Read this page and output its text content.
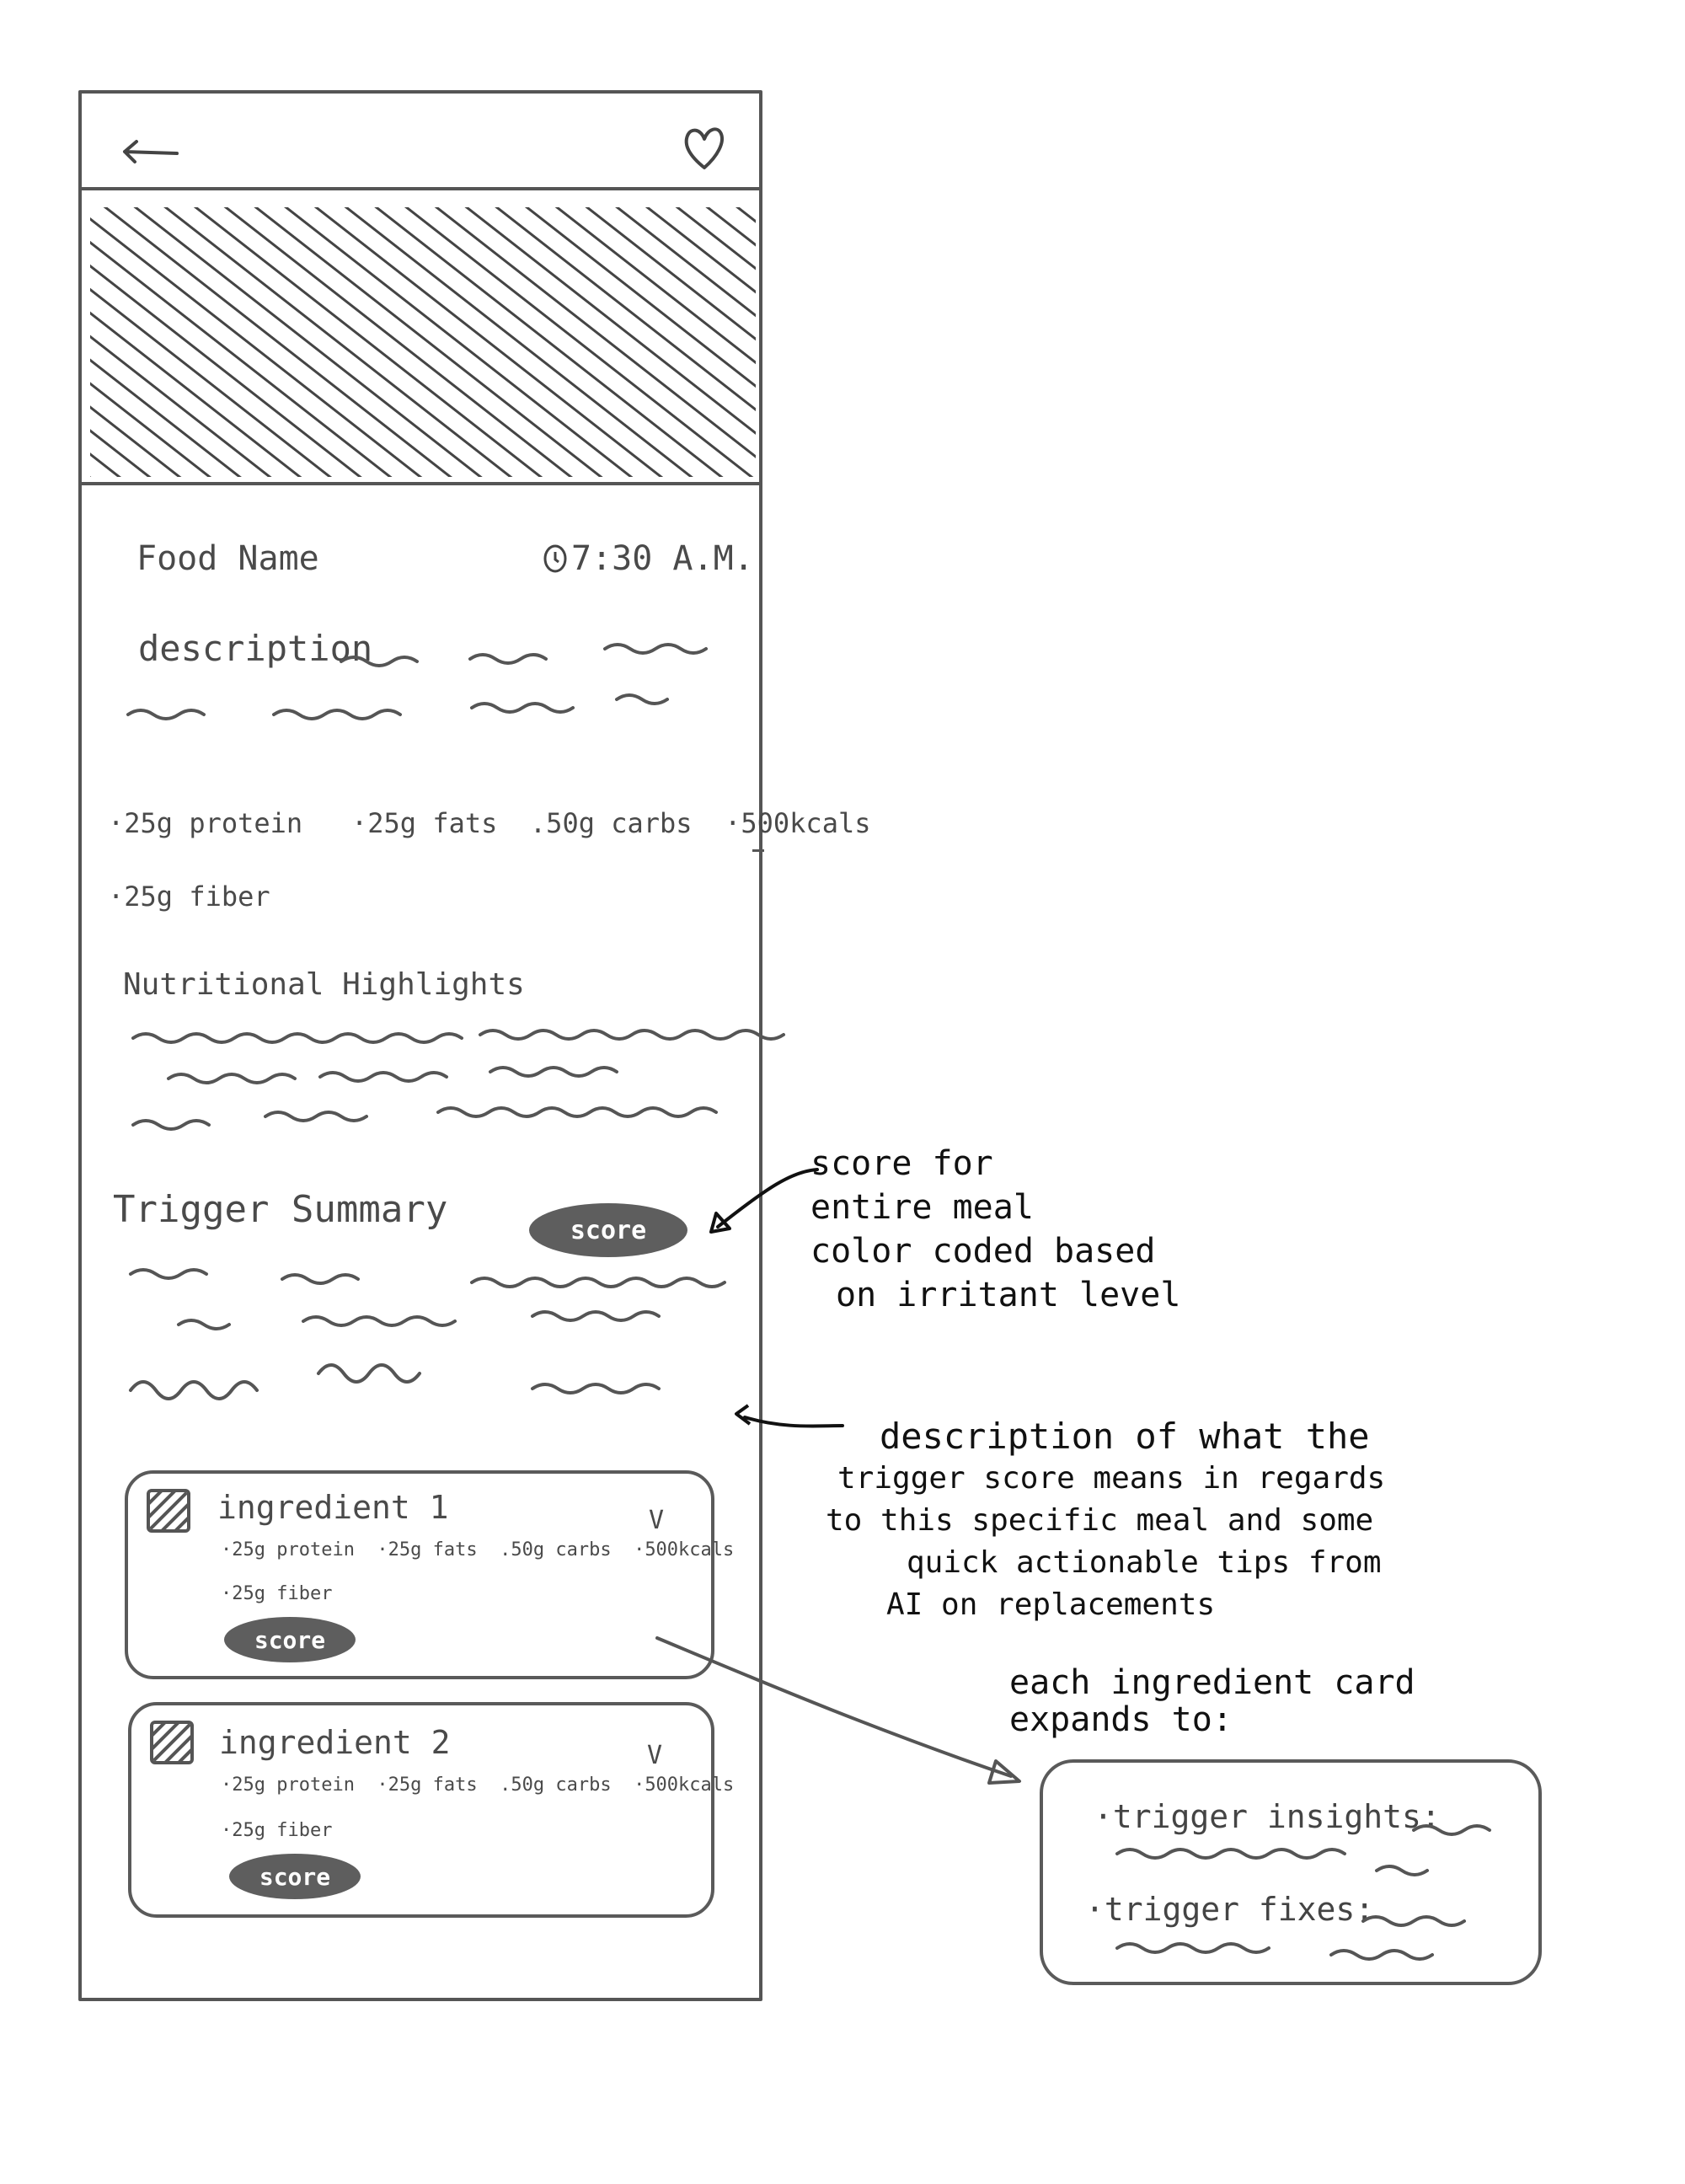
Food Name	7:30 A.M.
description
·25g protein   ·25g fats  .50g carbs  ·500kcals
·25g fiber
Nutritional Highlights
Trigger Summary	score
ingredient 1	V
·25g protein  ·25g fats  .50g carbs  ·500kcals
·25g fiber
score
ingredient 2	V
·25g protein  ·25g fats  .50g carbs  ·500kcals
·25g fiber
score
score for
entire meal
color coded based
on irritant level
description of what the
trigger score means in regards
to this specific meal and some
quick actionable tips from
AI on replacements
each ingredient card
expands to:
·trigger insights:
·trigger fixes:
